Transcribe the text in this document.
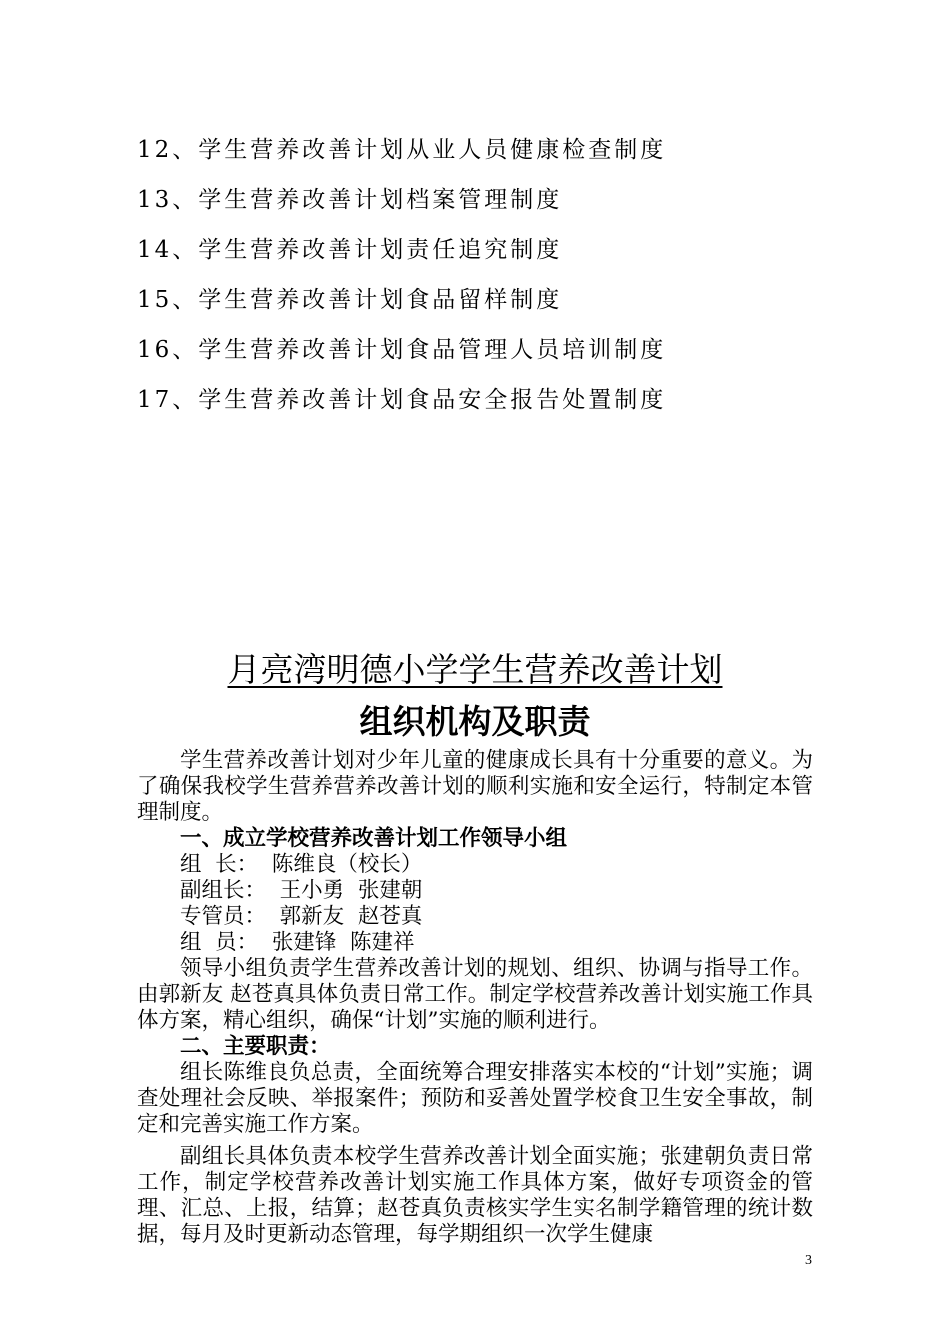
12、学生营养改善计划从业人员健康检查制度
13、学生营养改善计划档案管理制度
14、学生营养改善计划责任追究制度
15、学生营养改善计划食品留样制度
16、学生营养改善计划食品管理人员培训制度
17、学生营养改善计划食品安全报告处置制度
月亮湾明德小学学生营养改善计划
组织机构及职责

学生营养改善计划对少年儿童的健康成长具有十分重要的意义。为了确保我校学生营养营养改善计划的顺利实施和安全运行，特制定本管理制度。

一、成立学校营养改善计划工作领导小组

组  长：  陈维良（校长）

副组长：  王小勇  张建朝

专管员：  郭新友  赵苍真

组  员：  张建锋  陈建祥

领导小组负责学生营养改善计划的规划、组织、协调与指导工作。由郭新友 赵苍真具体负责日常工作。制定学校营养改善计划实施工作具体方案，精心组织，确保“计划”实施的顺利进行。

二、主要职责：

组长陈维良负总责，全面统筹合理安排落实本校的“计划”实施；调查处理社会反映、举报案件；预防和妥善处置学校食卫生安全事故，制定和完善实施工作方案。

副组长具体负责本校学生营养改善计划全面实施；张建朝负责日常工作，制定学校营养改善计划实施工作具体方案，做好专项资金的管理、汇总、上报，结算；赵苍真负责核实学生实名制学籍管理的统计数据，每月及时更新动态管理，每学期组织一次学生健康

3
